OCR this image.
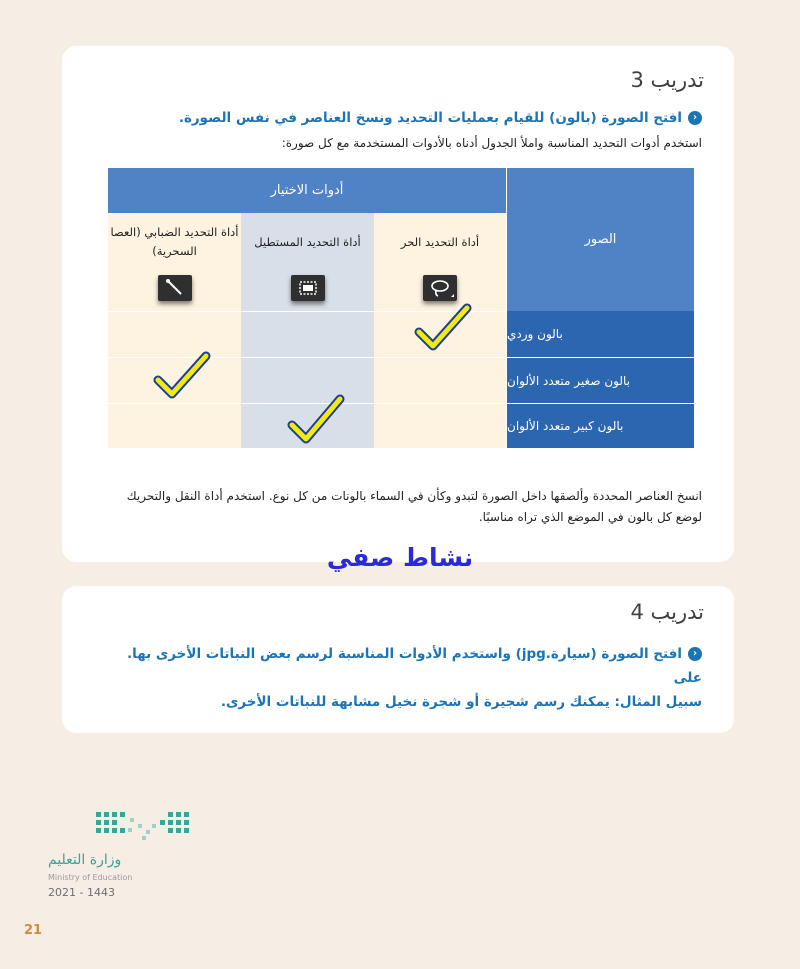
تدريب 3
‹افتح الصورة (بالون) للقيام بعمليات التحديد ونسخ العناصر في نفس الصورة.
استخدم أدوات التحديد المناسبة واملأ الجدول أدناه بالأدوات المستخدمة مع كل صورة:
أدوات الاختيار
الصور
أداة التحديد الضبابي (العصا السحرية)
أداة التحديد المستطيل	أداة التحديد الحر
بالون وردي
بالون صغير متعدد الألوان
بالون كبير متعدد الألوان
انسخ العناصر المحددة وألصقها داخل الصورة لتبدو وكأن في السماء بالونات من كل نوع. استخدم أداة النقل والتحريك لوضع كل بالون في الموضع الذي تراه مناسبًا.
نشاط صفي
تدريب 4
‹افتح الصورة (سيارة.jpg) واستخدم الأدوات المناسبة لرسم بعض النباتات الأخرى بها. على
سبيل المثال: يمكنك رسم شجيرة أو شجرة نخيل مشابهة للنباتات الأخرى.
وزارة التعليم
Ministry of Education
2021 - 1443
21
